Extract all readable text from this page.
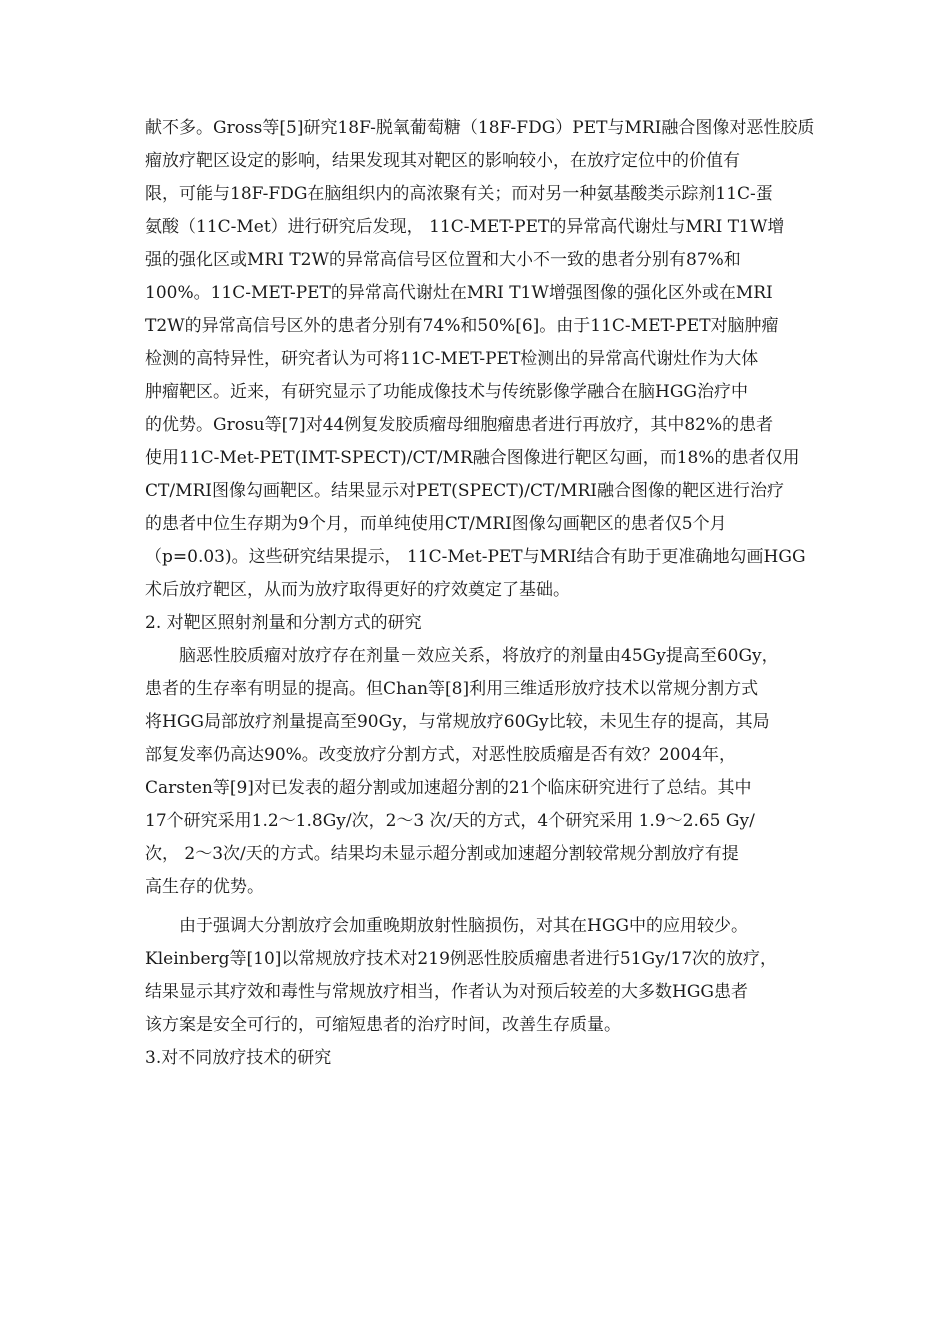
献不多。Gross等[5]研究18F-脱氧葡萄糖（18F-FDG）PET与MRI融合图像对恶性胶质
瘤放疗靶区设定的影响，结果发现其对靶区的影响较小，在放疗定位中的价值有
限，可能与18F-FDG在脑组织内的高浓聚有关；而对另一种氨基酸类示踪剂11C-蛋
氨酸（11C-Met）进行研究后发现， 11C-MET-PET的异常高代谢灶与MRI T1W增
强的强化区或MRI T2W的异常高信号区位置和大小不一致的患者分别有87%和
100%。11C-MET-PET的异常高代谢灶在MRI T1W增强图像的强化区外或在MRI
T2W的异常高信号区外的患者分别有74%和50%[6]。由于11C-MET-PET对脑肿瘤
检测的高特异性，研究者认为可将11C-MET-PET检测出的异常高代谢灶作为大体
肿瘤靶区。近来，有研究显示了功能成像技术与传统影像学融合在脑HGG治疗中
的优势。Grosu等[7]对44例复发胶质瘤母细胞瘤患者进行再放疗，其中82%的患者
使用11C-Met-PET(IMT-SPECT)/CT/MR融合图像进行靶区勾画，而18%的患者仅用
CT/MRI图像勾画靶区。结果显示对PET(SPECT)/CT/MRI融合图像的靶区进行治疗
的患者中位生存期为9个月，而单纯使用CT/MRI图像勾画靶区的患者仅5个月
（p=0.03)。这些研究结果提示， 11C-Met-PET与MRI结合有助于更准确地勾画HGG
术后放疗靶区，从而为放疗取得更好的疗效奠定了基础。
2. 对靶区照射剂量和分割方式的研究
脑恶性胶质瘤对放疗存在剂量－效应关系，将放疗的剂量由45Gy提高至60Gy，
患者的生存率有明显的提高。但Chan等[8]利用三维适形放疗技术以常规分割方式
将HGG局部放疗剂量提高至90Gy，与常规放疗60Gy比较，未见生存的提高，其局
部复发率仍高达90%。改变放疗分割方式，对恶性胶质瘤是否有效？2004年，
Carsten等[9]对已发表的超分割或加速超分割的21个临床研究进行了总结。其中
17个研究采用1.2～1.8Gy/次，2～3 次/天的方式，4个研究采用 1.9～2.65 Gy/
次， 2～3次/天的方式。结果均未显示超分割或加速超分割较常规分割放疗有提
高生存的优势。
由于强调大分割放疗会加重晚期放射性脑损伤，对其在HGG中的应用较少。
Kleinberg等[10]以常规放疗技术对219例恶性胶质瘤患者进行51Gy/17次的放疗，
结果显示其疗效和毒性与常规放疗相当，作者认为对预后较差的大多数HGG患者
该方案是安全可行的，可缩短患者的治疗时间，改善生存质量。
3.对不同放疗技术的研究
